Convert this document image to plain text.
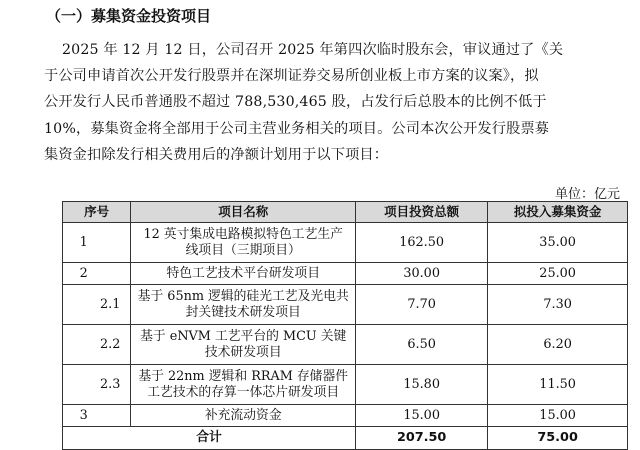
（一）募集资金投资项目
2025 年 12 月 12 日，公司召开 2025 年第四次临时股东会，审议通过了《关
于公司申请首次公开发行股票并在深圳证券交易所创业板上市方案的议案》，拟
公开发行人民币普通股不超过 788,530,465 股，占发行后总股本的比例不低于
10%，募集资金将全部用于公司主营业务相关的项目。公司本次公开发行股票募
集资金扣除发行相关费用后的净额计划用于以下项目：
单位：亿元
序号	项目名称	项目投资总额	拟投入募集资金
1	12 英寸集成电路模拟特色工艺生产
线项目（三期项目）	162.50	35.00
2	特色工艺技术平台研发项目	30.00	25.00
2.1	基于 65nm 逻辑的硅光工艺及光电共
封关键技术研发项目	7.70	7.30
2.2	基于 eNVM 工艺平台的 MCU 关键
技术研发项目	6.50	6.20
2.3	基于 22nm 逻辑和 RRAM 存储器件
工艺技术的存算一体芯片研发项目	15.80	11.50
3	补充流动资金	15.00	15.00
合计		207.50	75.00
